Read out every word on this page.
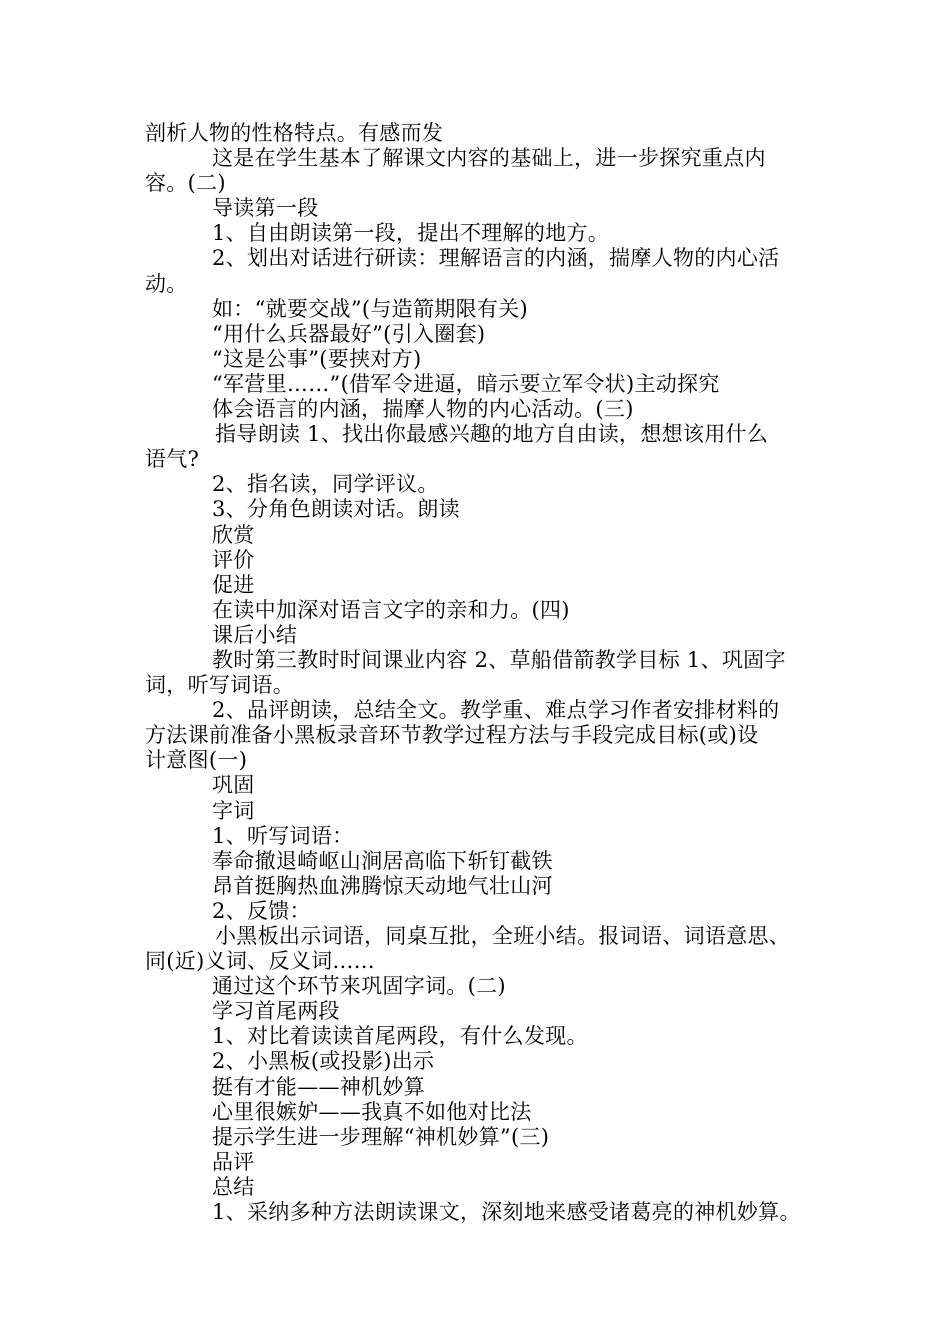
剖析人物的性格特点。有感而发
这是在学生基本了解课文内容的基础上，进一步探究重点内
容。(二)
导读第一段
1、自由朗读第一段，提出不理解的地方。
2、划出对话进行研读：理解语言的内涵，揣摩人物的内心活
动。
如：“就要交战”(与造箭期限有关)
“用什么兵器最好”(引入圈套)
“这是公事”(要挟对方)
“军营里……”(借军令进逼，暗示要立军令状)主动探究
体会语言的内涵，揣摩人物的内心活动。(三)
指导朗读 1、找出你最感兴趣的地方自由读，想想该用什么
语气?
2、指名读，同学评议。
3、分角色朗读对话。朗读
欣赏
评价
促进
在读中加深对语言文字的亲和力。(四)
课后小结
教时第三教时时间课业内容 2、草船借箭教学目标 1、巩固字
词，听写词语。
2、品评朗读，总结全文。教学重、难点学习作者安排材料的
方法课前准备小黑板录音环节教学过程方法与手段完成目标(或)设
计意图(一)
巩固
字词
1、听写词语：
奉命撤退崎岖山涧居高临下斩钉截铁
昂首挺胸热血沸腾惊天动地气壮山河
2、反馈：
小黑板出示词语，同桌互批，全班小结。报词语、词语意思、
同(近)义词、反义词……
通过这个环节来巩固字词。(二)
学习首尾两段
1、对比着读读首尾两段，有什么发现。
2、小黑板(或投影)出示
挺有才能——神机妙算
心里很嫉妒——我真不如他对比法
提示学生进一步理解“神机妙算”(三)
品评
总结
1、采纳多种方法朗读课文，深刻地来感受诸葛亮的神机妙算。
